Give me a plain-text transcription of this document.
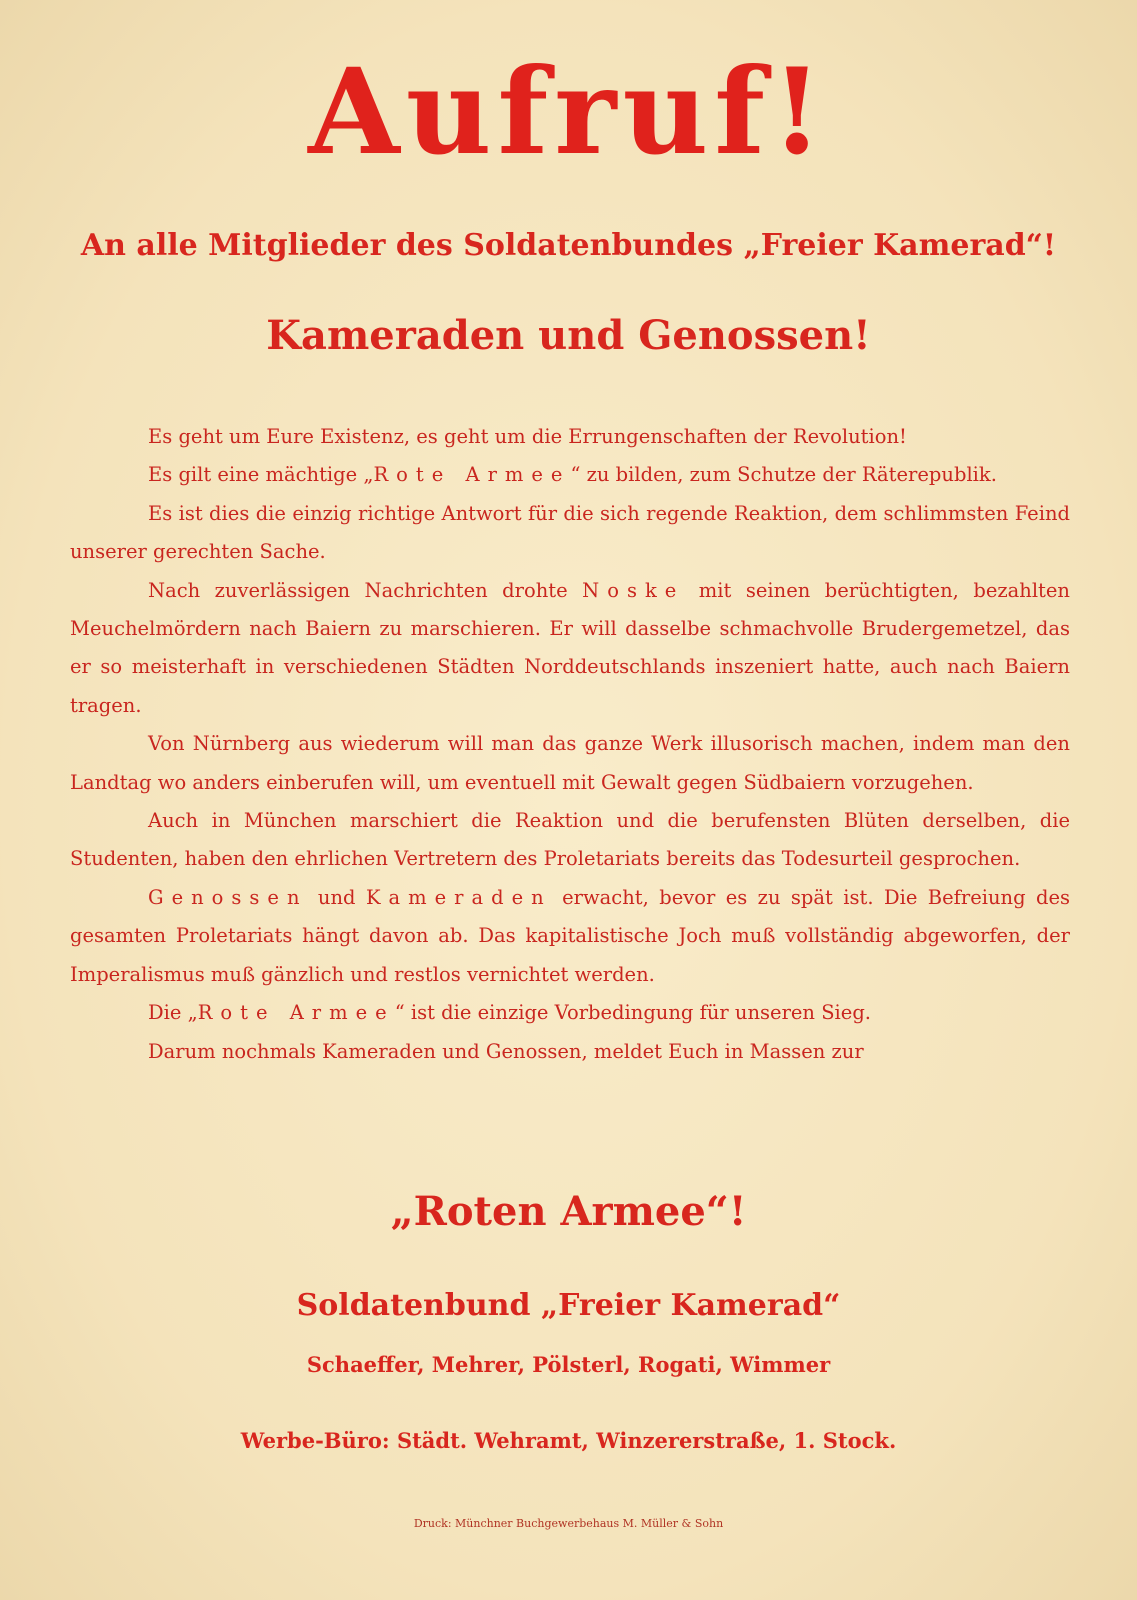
Aufruf!
An alle Mitglieder des Soldatenbundes „Freier Kamerad“!
Kameraden und Genossen!

Es geht um Eure Existenz, es geht um die Errungenschaften der Revolution!

Es gilt eine mächtige „Rote Armee“ zu bilden, zum Schutze der Räterepublik.

Es ist dies die einzig richtige Antwort für die sich regende Reaktion, dem schlimmsten Feind unserer gerechten Sache.

Nach zuverlässigen Nachrichten drohte Noske mit seinen berüchtigten, bezahlten Meuchelmördern nach Baiern zu marschieren. Er will dasselbe schmachvolle Brudergemetzel, das er so meisterhaft in verschiedenen Städten Norddeutschlands inszeniert hatte, auch nach Baiern tragen.

Von Nürnberg aus wiederum will man das ganze Werk illusorisch machen, indem man den Landtag wo anders einberufen will, um eventuell mit Gewalt gegen Südbaiern vorzugehen.

Auch in München marschiert die Reaktion und die berufensten Blüten derselben, die Studenten, haben den ehrlichen Vertretern des Proletariats bereits das Todesurteil gesprochen.

Genossen und Kameraden erwacht, bevor es zu spät ist. Die Befreiung des gesamten Proletariats hängt davon ab. Das kapitalistische Joch muß vollständig abgeworfen, der Imperalismus muß gänzlich und restlos vernichtet werden.

Die „Rote Armee“ ist die einzige Vorbedingung für unseren Sieg.

Darum nochmals Kameraden und Genossen, meldet Euch in Massen zur

„Roten Armee“!
Soldatenbund „Freier Kamerad“
Schaeffer, Mehrer, Pölsterl, Rogati, Wimmer
Werbe-Büro: Städt. Wehramt, Winzererstraße, 1. Stock.
Druck: Münchner Buchgewerbehaus M. Müller & Sohn
